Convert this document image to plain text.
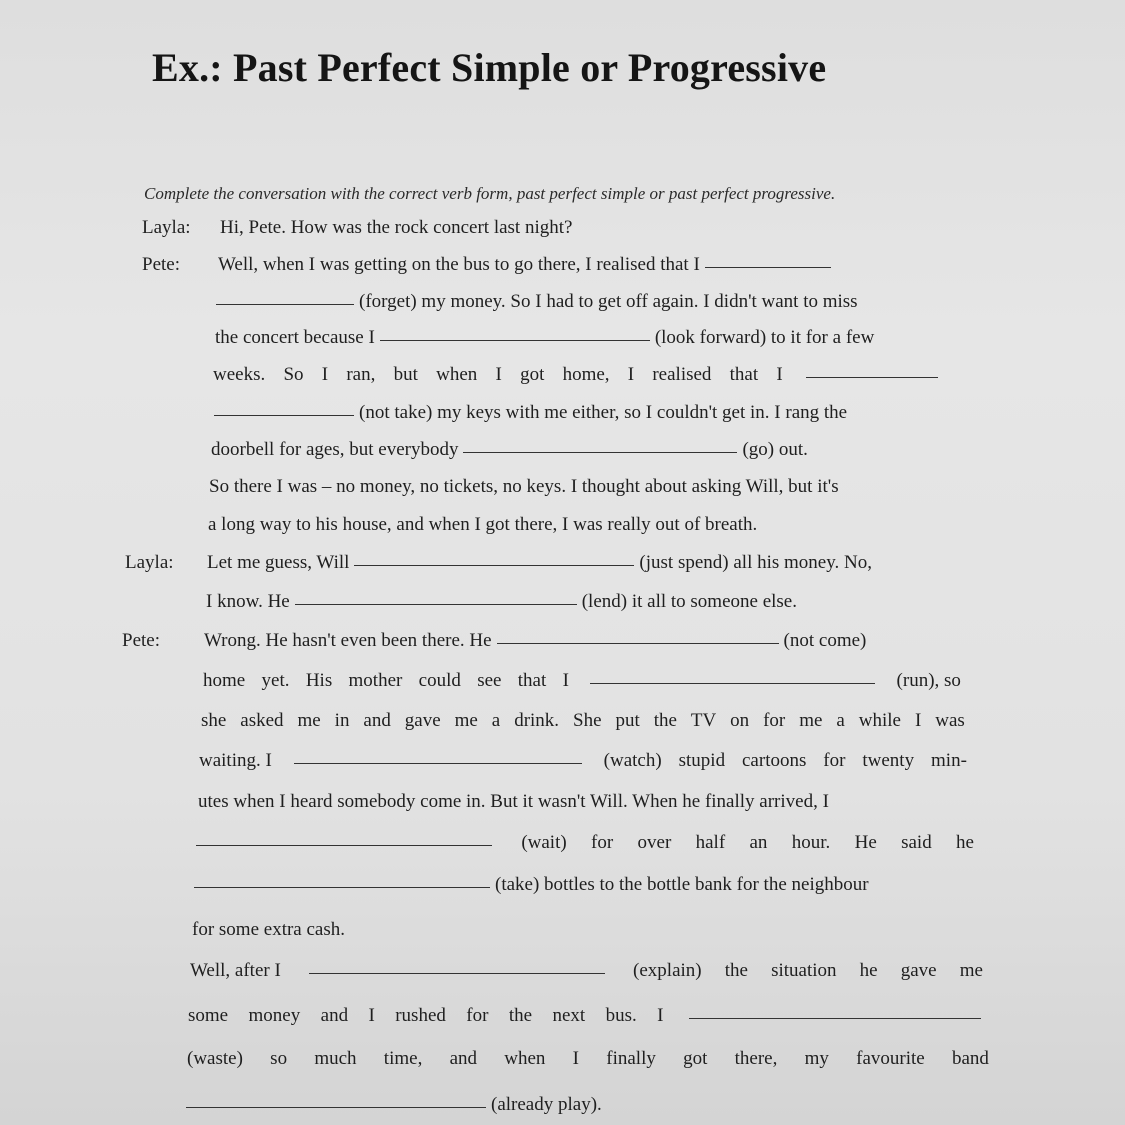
Ex.: Past Perfect Simple or Progressive
Complete the conversation with the correct verb form, past perfect simple or past perfect progressive.
Layla: Hi, Pete. How was the rock concert last night?
Pete: Well, when I was getting on the bus to go there, I realised that I
(forget) my money. So I had to get off again. I didn't want to miss
the concert because I	(look forward) to it for a few
weeks. So I ran, but when I got home, I realised that I
(not take) my keys with me either, so I couldn't get in. I rang the
doorbell for ages, but everybody	(go) out.
So there I was – no money, no tickets, no keys. I thought about asking Will, but it's
a long way to his house, and when I got there, I was really out of breath.
Layla: Let me guess, Will	(just spend) all his money. No,
I know. He	(lend) it all to someone else.
Pete: Wrong. He hasn't even been there. He	(not come)
home yet. His mother could see that I	(run), so
she asked me in and gave me a drink. She put the TV on for me a while I was
waiting. I	(watch) stupid cartoons for twenty min-
utes when I heard somebody come in. But it wasn't Will. When he finally arrived, I
(wait) for over half an hour. He said he
(take) bottles to the bottle bank for the neighbour
for some extra cash.
Well, after I	(explain) the situation he gave me
some money and I rushed for the next bus. I
(waste) so much time, and when I finally got there, my favourite band
(already play).
